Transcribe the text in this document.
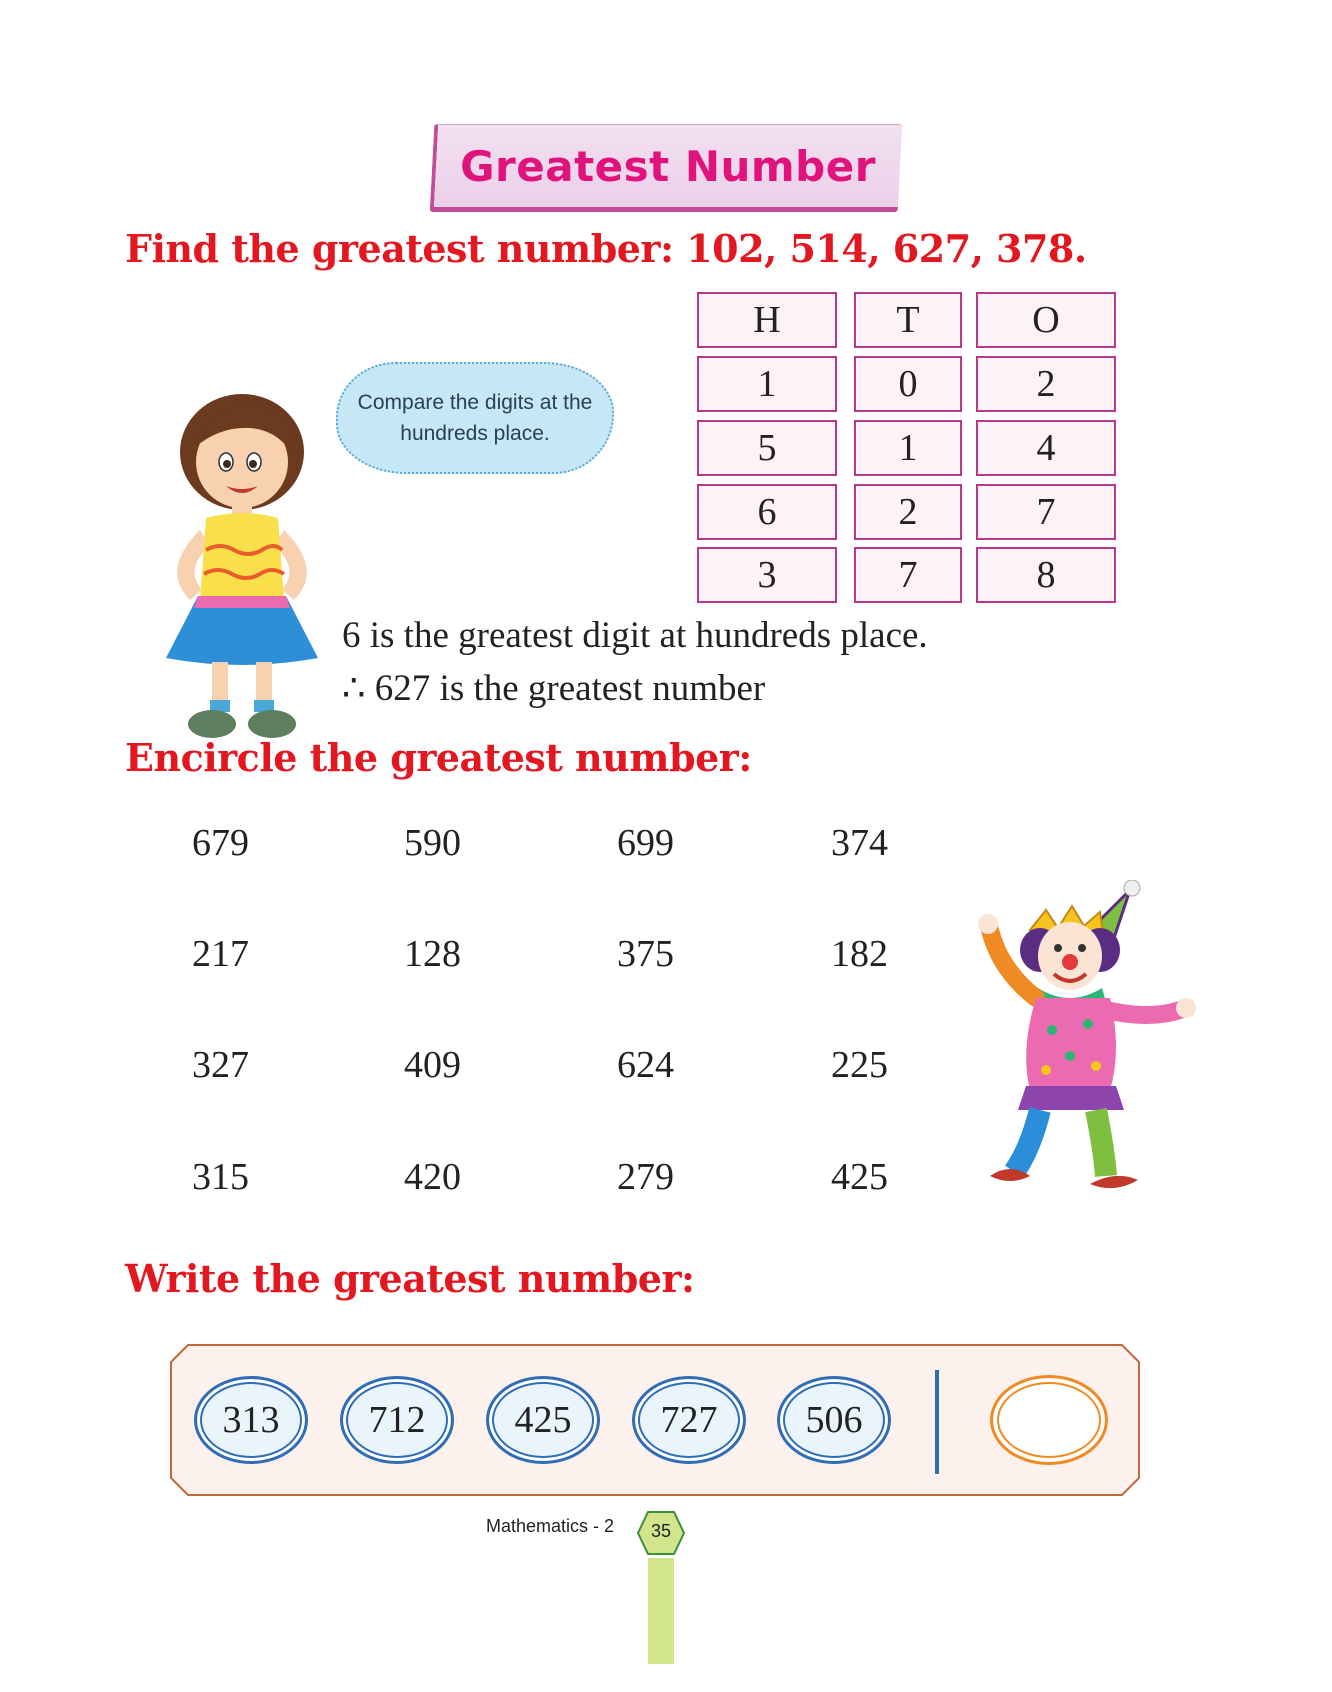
Greatest Number
Find the greatest number: 102, 514, 627, 378.
H	T	O
1	0	2
5	1	4
6	2	7
3	7	8
Compare the digits at the hundreds place.
6 is the greatest digit at hundreds place.
∴ 627 is the greatest number
Encircle the greatest number:
679	590	699	374
217	128	375	182
327	409	624	225
315	420	279	425
Write the greatest number:
313	712	425	727	506
Mathematics - 2	35
